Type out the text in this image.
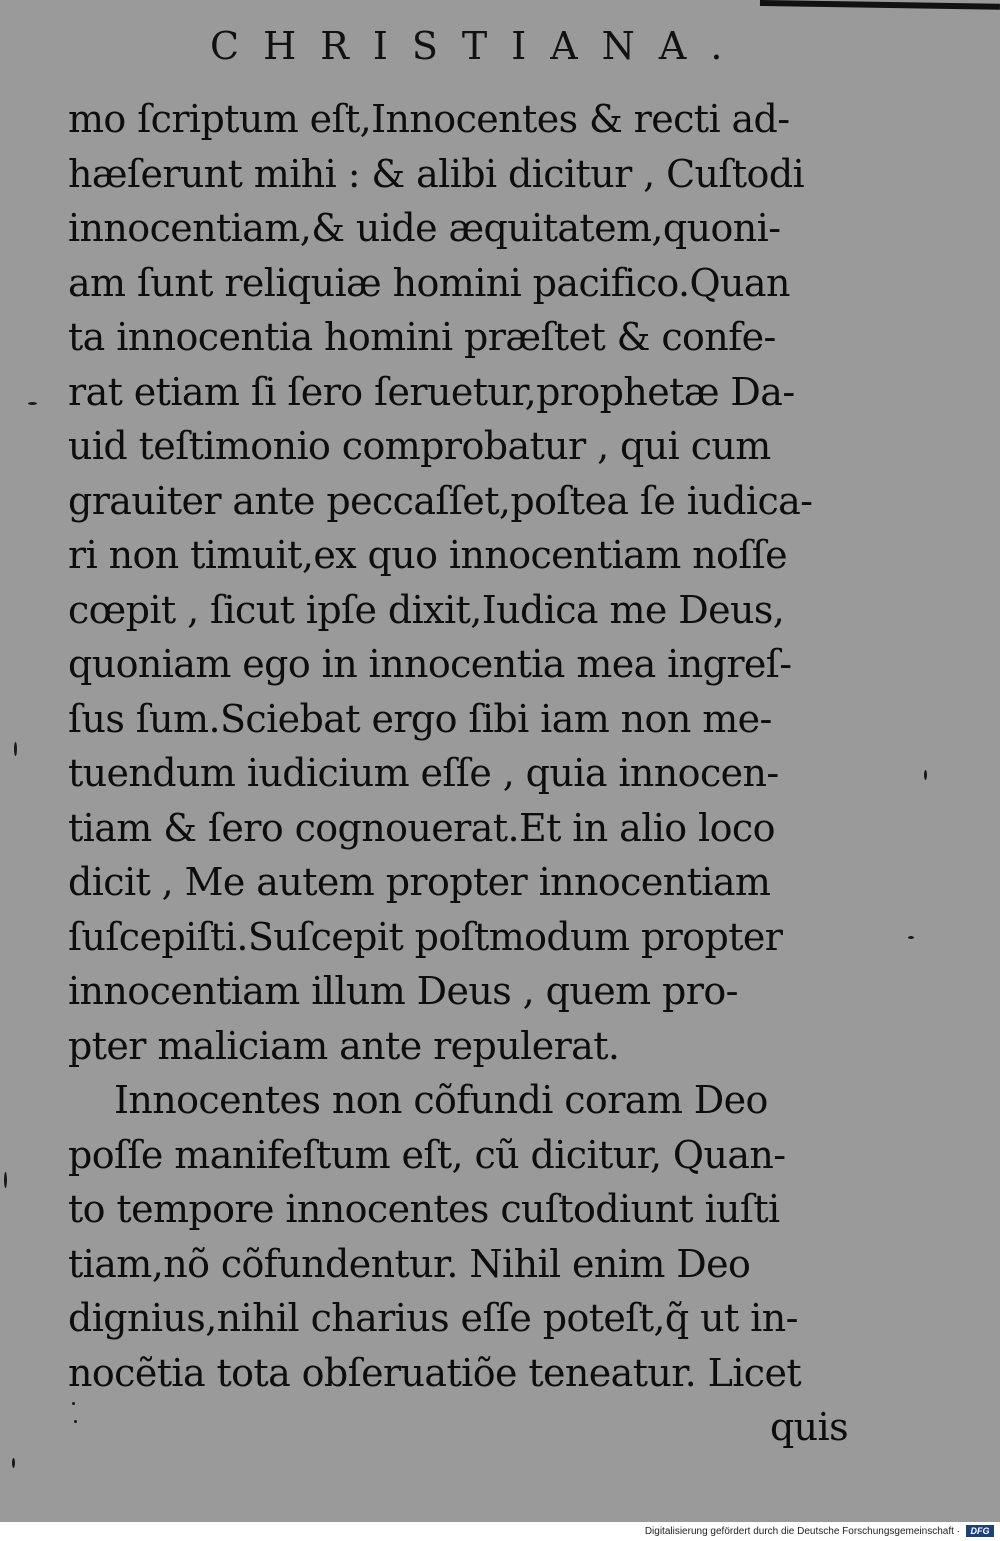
CHRISTIANA.
mo ſcriptum eſt,Innocentes & recti ad-
hæſerunt mihi : & alibi dicitur , Cuſtodi
innocentiam,& uide æquitatem,quoni-
am ſunt reliquiæ homini pacifico.Quan
ta innocentia homini præſtet & confe-
rat etiam ſi ſero ſeruetur,prophetæ Da-
uid teſtimonio comprobatur , qui cum
grauiter ante peccaſſet,poſtea ſe iudica-
ri non timuit,ex quo innocentiam noſſe
cœpit , ſicut ipſe dixit,Iudica me Deus,
quoniam ego in innocentia mea ingreſ-
ſus ſum.Sciebat ergo ſibi iam non me-
tuendum iudicium eſſe , quia innocen-
tiam & ſero cognouerat.Et in alio loco
dicit , Me autem propter innocentiam
ſuſcepiſti.Suſcepit poſtmodum propter
innocentiam illum Deus , quem pro-
pter maliciam ante repulerat.
Innocentes non cõfundi coram Deo
poſſe manifeſtum eſt, cũ dicitur, Quan-
to tempore innocentes cuſtodiunt iuſti
tiam,nõ cõfundentur. Nihil enim Deo
dignius,nihil charius eſſe poteſt,q̃ ut in-
nocẽtia tota obſeruatiõe teneatur. Licet
quis
Digitalisierung gefördert durch die Deutsche Forschungsgemeinschaft ·	DFG
